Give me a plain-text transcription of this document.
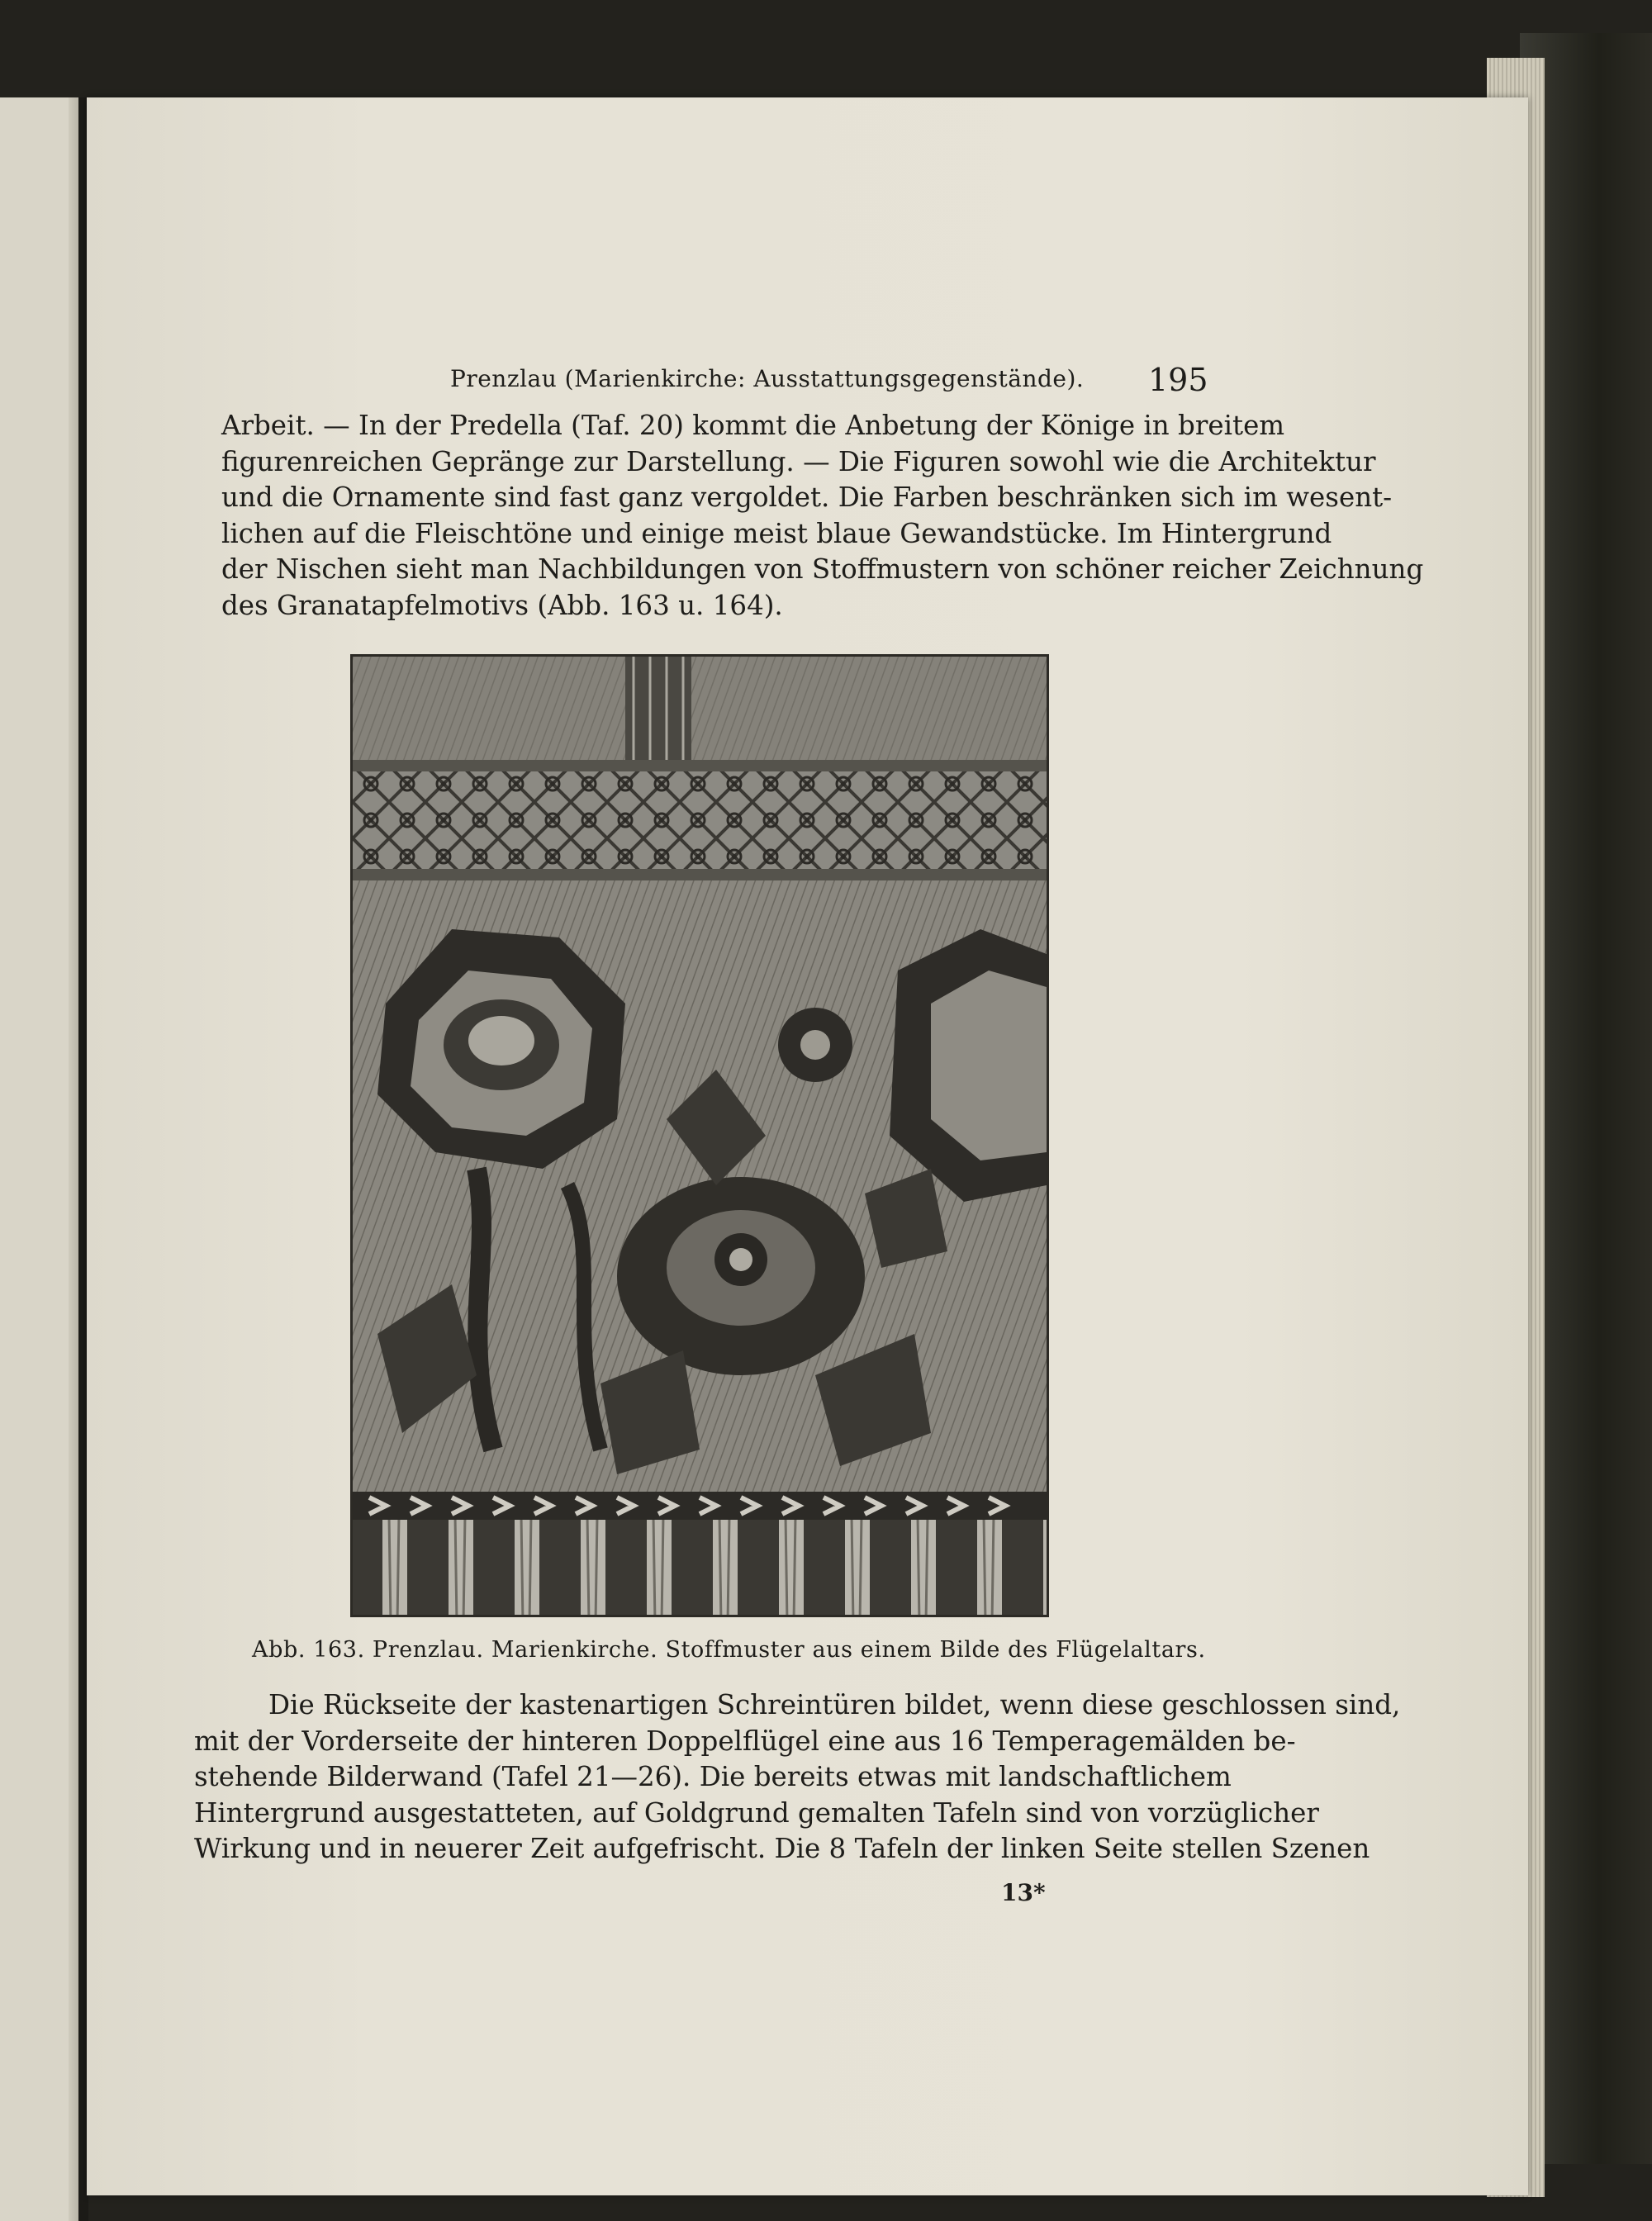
Prenzlau (Marienkirche: Ausstattungsgegenstände). 195

Arbeit. — In der Predella (Taf. 20) kommt die Anbetung der Könige in breitem
figurenreichen Gepränge zur Darstellung. — Die Figuren sowohl wie die Architektur
und die Ornamente sind fast ganz vergoldet. Die Farben beschränken sich im wesent-
lichen auf die Fleischtöne und einige meist blaue Gewandstücke. Im Hintergrund
der Nischen sieht man Nachbildungen von Stoffmustern von schöner reicher Zeichnung
des Granatapfelmotivs (Abb. 163 u. 164).

Abb. 163. Prenzlau. Marienkirche. Stoffmuster aus einem Bilde des Flügelaltars.

Die Rückseite der kastenartigen Schreintüren bildet, wenn diese geschlossen sind,
mit der Vorderseite der hinteren Doppelflügel eine aus 16 Temperagemälden be-
stehende Bilderwand (Tafel 21—26). Die bereits etwas mit landschaftlichem
Hintergrund ausgestatteten, auf Goldgrund gemalten Tafeln sind von vorzüglicher
Wirkung und in neuerer Zeit aufgefrischt. Die 8 Tafeln der linken Seite stellen Szenen

13*
